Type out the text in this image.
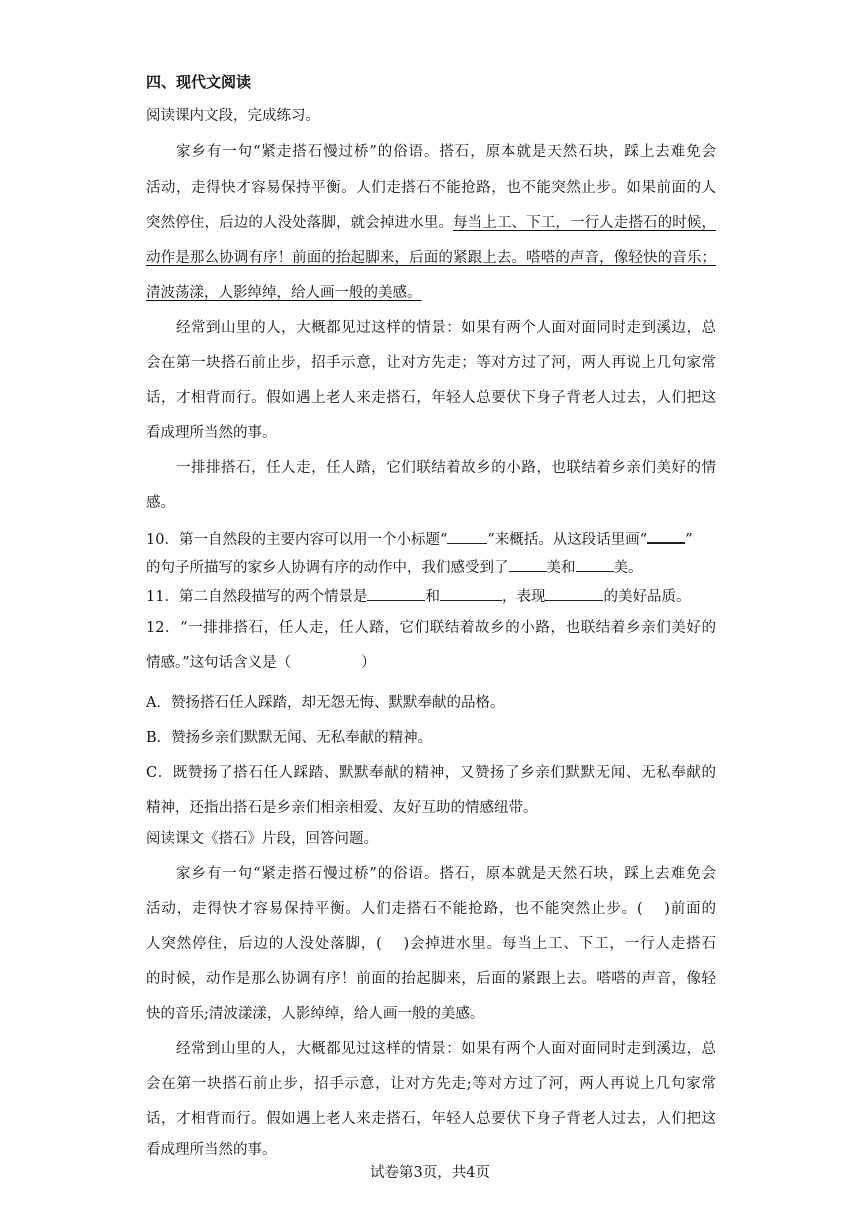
四、现代文阅读
阅读课内文段，完成练习。
家乡有一句“紧走搭石慢过桥”的俗语。搭石，原本就是天然石块，踩上去难免会
活动，走得快才容易保持平衡。人们走搭石不能抢路，也不能突然止步。如果前面的人
突然停住，后边的人没处落脚，就会掉进水里。每当上工、下工，一行人走搭石的时候，
动作是那么协调有序！前面的抬起脚来，后面的紧跟上去。嗒嗒的声音，像轻快的音乐；
清波荡漾，人影绰绰，给人画一般的美感。
经常到山里的人，大概都见过这样的情景：如果有两个人面对面同时走到溪边，总
会在第一块搭石前止步，招手示意，让对方先走；等对方过了河，两人再说上几句家常
话，才相背而行。假如遇上老人来走搭石，年轻人总要伏下身子背老人过去，人们把这
看成理所当然的事。
一排排搭石，任人走，任人踏，它们联结着故乡的小路，也联结着乡亲们美好的情
感。
10．第一自然段的主要内容可以用一个小标题“	”来概括。从这段话里画“	”
的句子所描写的家乡人协调有序的动作中，我们感受到了	美和	美。
11．第二自然段描写的两个情景是	和	，表现	的美好品质。
12．“一排排搭石，任人走，任人踏，它们联结着故乡的小路，也联结着乡亲们美好的
情感。”这句话含义是（	）
A．赞扬搭石任人踩踏，却无怨无悔、默默奉献的品格。
B．赞扬乡亲们默默无闻、无私奉献的精神。
C．既赞扬了搭石任人踩踏、默默奉献的精神，又赞扬了乡亲们默默无闻、无私奉献的
精神，还指出搭石是乡亲们相亲相爱、友好互助的情感纽带。
阅读课文《搭石》片段，回答问题。
家乡有一句“紧走搭石慢过桥”的俗语。搭石，原本就是天然石块，踩上去难免会
活动，走得快才容易保持平衡。人们走搭石不能抢路，也不能突然止步。(　 )前面的
人突然停住，后边的人没处落脚，(　 )会掉进水里。每当上工、下工，一行人走搭石
的时候，动作是那么协调有序！前面的抬起脚来，后面的紧跟上去。嗒嗒的声音，像轻
快的音乐;清波漾漾，人影绰绰，给人画一般的美感。
经常到山里的人，大概都见过这样的情景：如果有两个人面对面同时走到溪边，总
会在第一块搭石前止步，招手示意，让对方先走;等对方过了河，两人再说上几句家常
话，才相背而行。假如遇上老人来走搭石，年轻人总要伏下身子背老人过去，人们把这
看成理所当然的事。
试卷第3页，共4页
